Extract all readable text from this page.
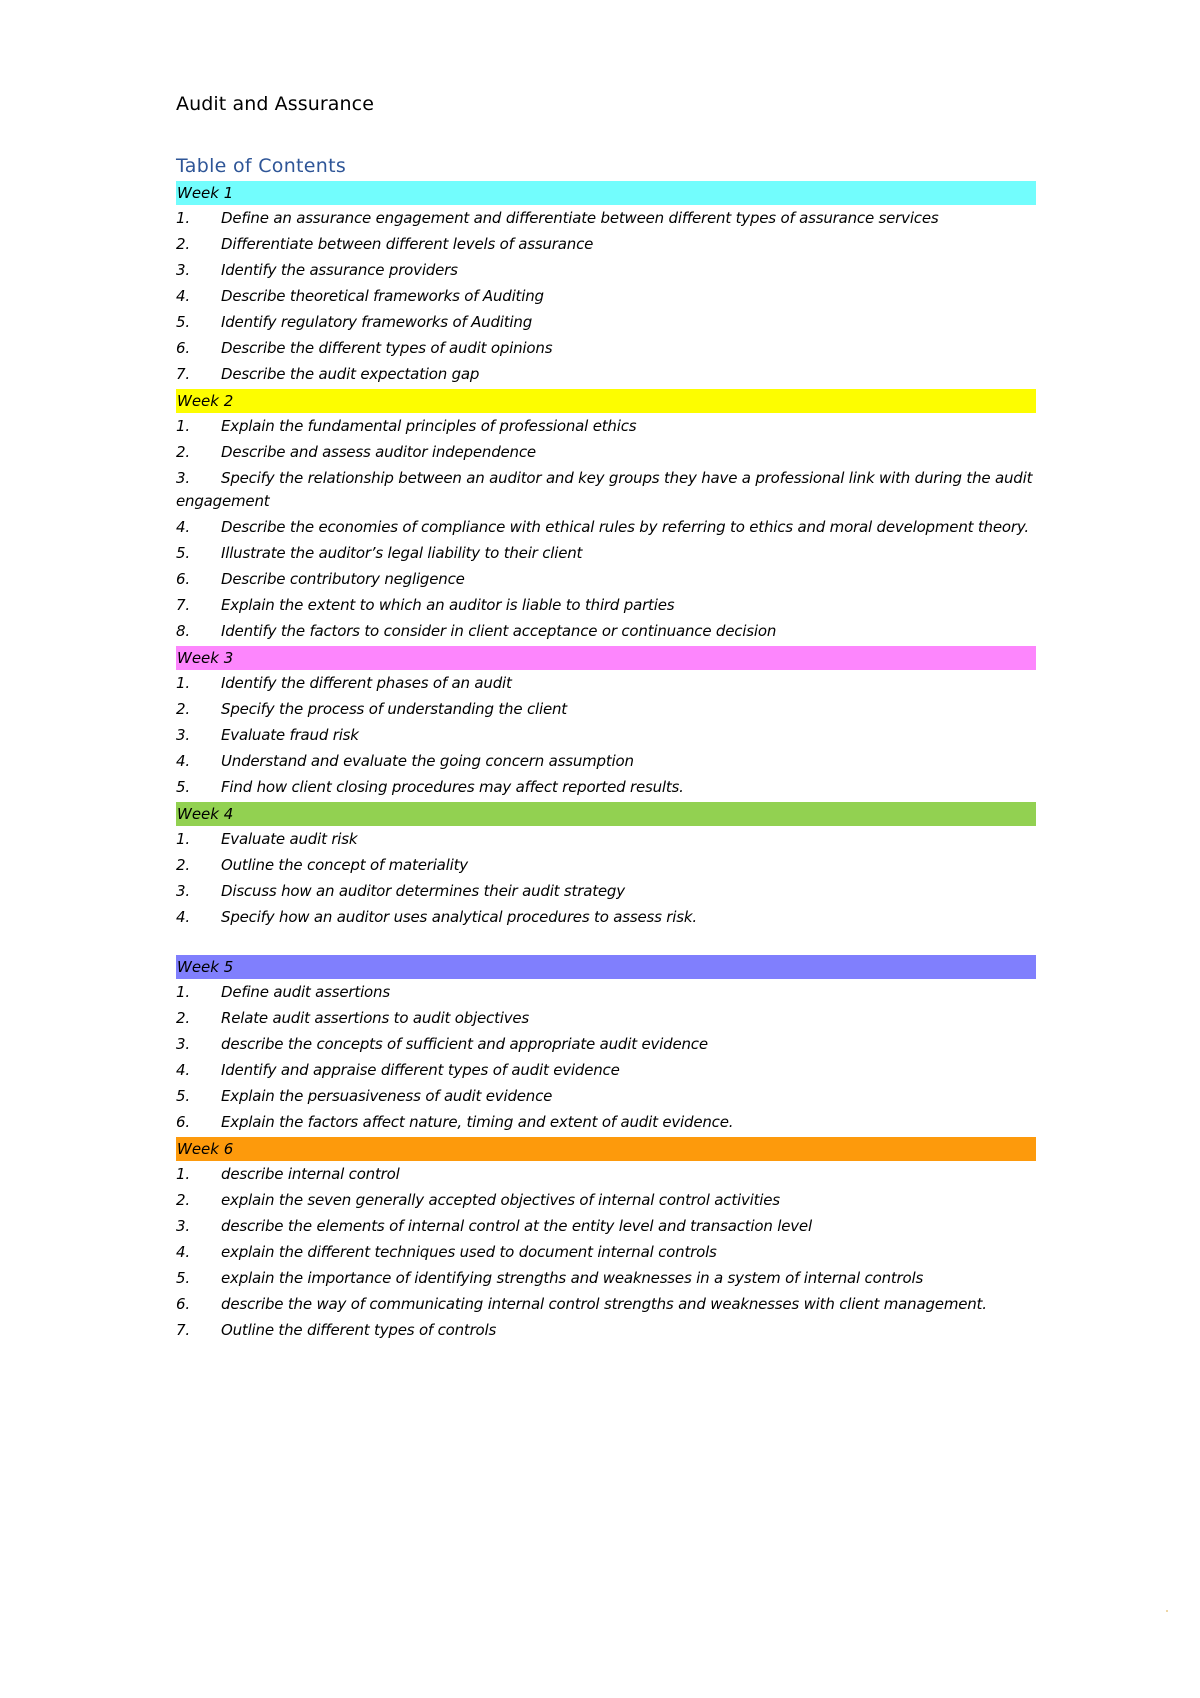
Audit and Assurance
Table of Contents
Week 1
1. Define an assurance engagement and differentiate between different types of assurance services
2. Differentiate between different levels of assurance
3. Identify the assurance providers
4. Describe theoretical frameworks of Auditing
5. Identify regulatory frameworks of Auditing
6. Describe the different types of audit opinions
7. Describe the audit expectation gap
Week 2
1. Explain the fundamental principles of professional ethics
2. Describe and assess auditor independence
3. Specify the relationship between an auditor and key groups they have a professional link with during the audit engagement
4. Describe the economies of compliance with ethical rules by referring to ethics and moral development theory.
5. Illustrate the auditor’s legal liability to their client
6. Describe contributory negligence
7. Explain the extent to which an auditor is liable to third parties
8. Identify the factors to consider in client acceptance or continuance decision
Week 3
1. Identify the different phases of an audit
2. Specify the process of understanding the client
3. Evaluate fraud risk
4. Understand and evaluate the going concern assumption
5. Find how client closing procedures may affect reported results.
Week 4
1. Evaluate audit risk
2. Outline the concept of materiality
3. Discuss how an auditor determines their audit strategy
4. Specify how an auditor uses analytical procedures to assess risk.
Week 5
1. Define audit assertions
2. Relate audit assertions to audit objectives
3. describe the concepts of sufficient and appropriate audit evidence
4. Identify and appraise different types of audit evidence
5. Explain the persuasiveness of audit evidence
6. Explain the factors affect nature, timing and extent of audit evidence.
Week 6
1. describe internal control
2. explain the seven generally accepted objectives of internal control activities
3. describe the elements of internal control at the entity level and transaction level
4. explain the different techniques used to document internal controls
5. explain the importance of identifying strengths and weaknesses in a system of internal controls
6. describe the way of communicating internal control strengths and weaknesses with client management.
7. Outline the different types of controls
